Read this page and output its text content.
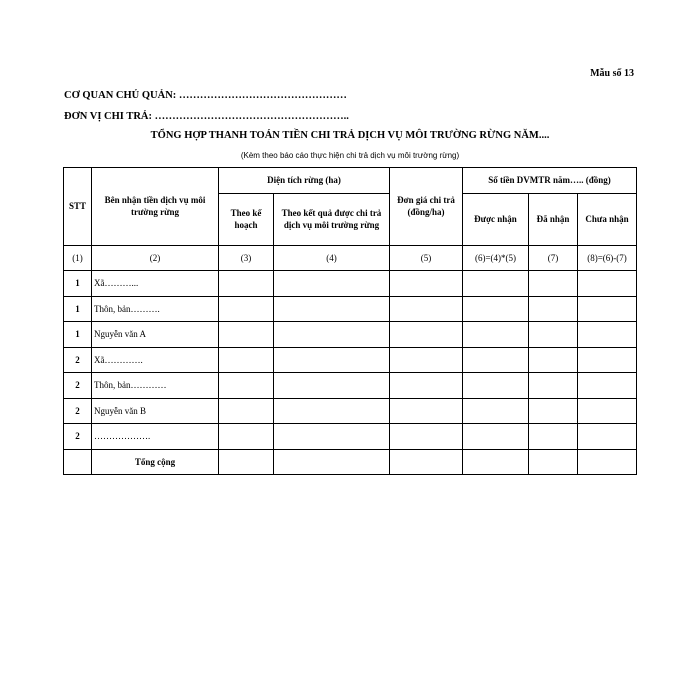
Mẫu số 13
CƠ QUAN CHỦ QUẢN: …………………………………………
ĐƠN VỊ CHI TRẢ: ………………………………………………..
TỔNG HỢP THANH TOÁN TIỀN CHI TRẢ DỊCH VỤ MÔI TRƯỜNG RỪNG NĂM....
(Kèm theo báo cáo thực hiện chi trả dịch vụ môi trường rừng)
STT	Bên nhận tiền dịch vụ môi trường rừng	Diện tích rừng (ha)		Đơn giá chi trả (đồng/ha)	Số tiền DVMTR năm….. (đồng)		
		Theo kế hoạch	Theo kết quả được chi trả dịch vụ môi trường rừng		Được nhận	Đã nhận	Chưa nhận
(1)	(2)	(3)	(4)	(5)	(6)=(4)*(5)	(7)	(8)=(6)-(7)
1	Xã………...						
1	Thôn, bản……….						
1	Nguyễn văn A						
2	Xã………….						
2	Thôn, bản…………						
2	Nguyễn văn B						
2	……………….						
	Tổng cộng						
